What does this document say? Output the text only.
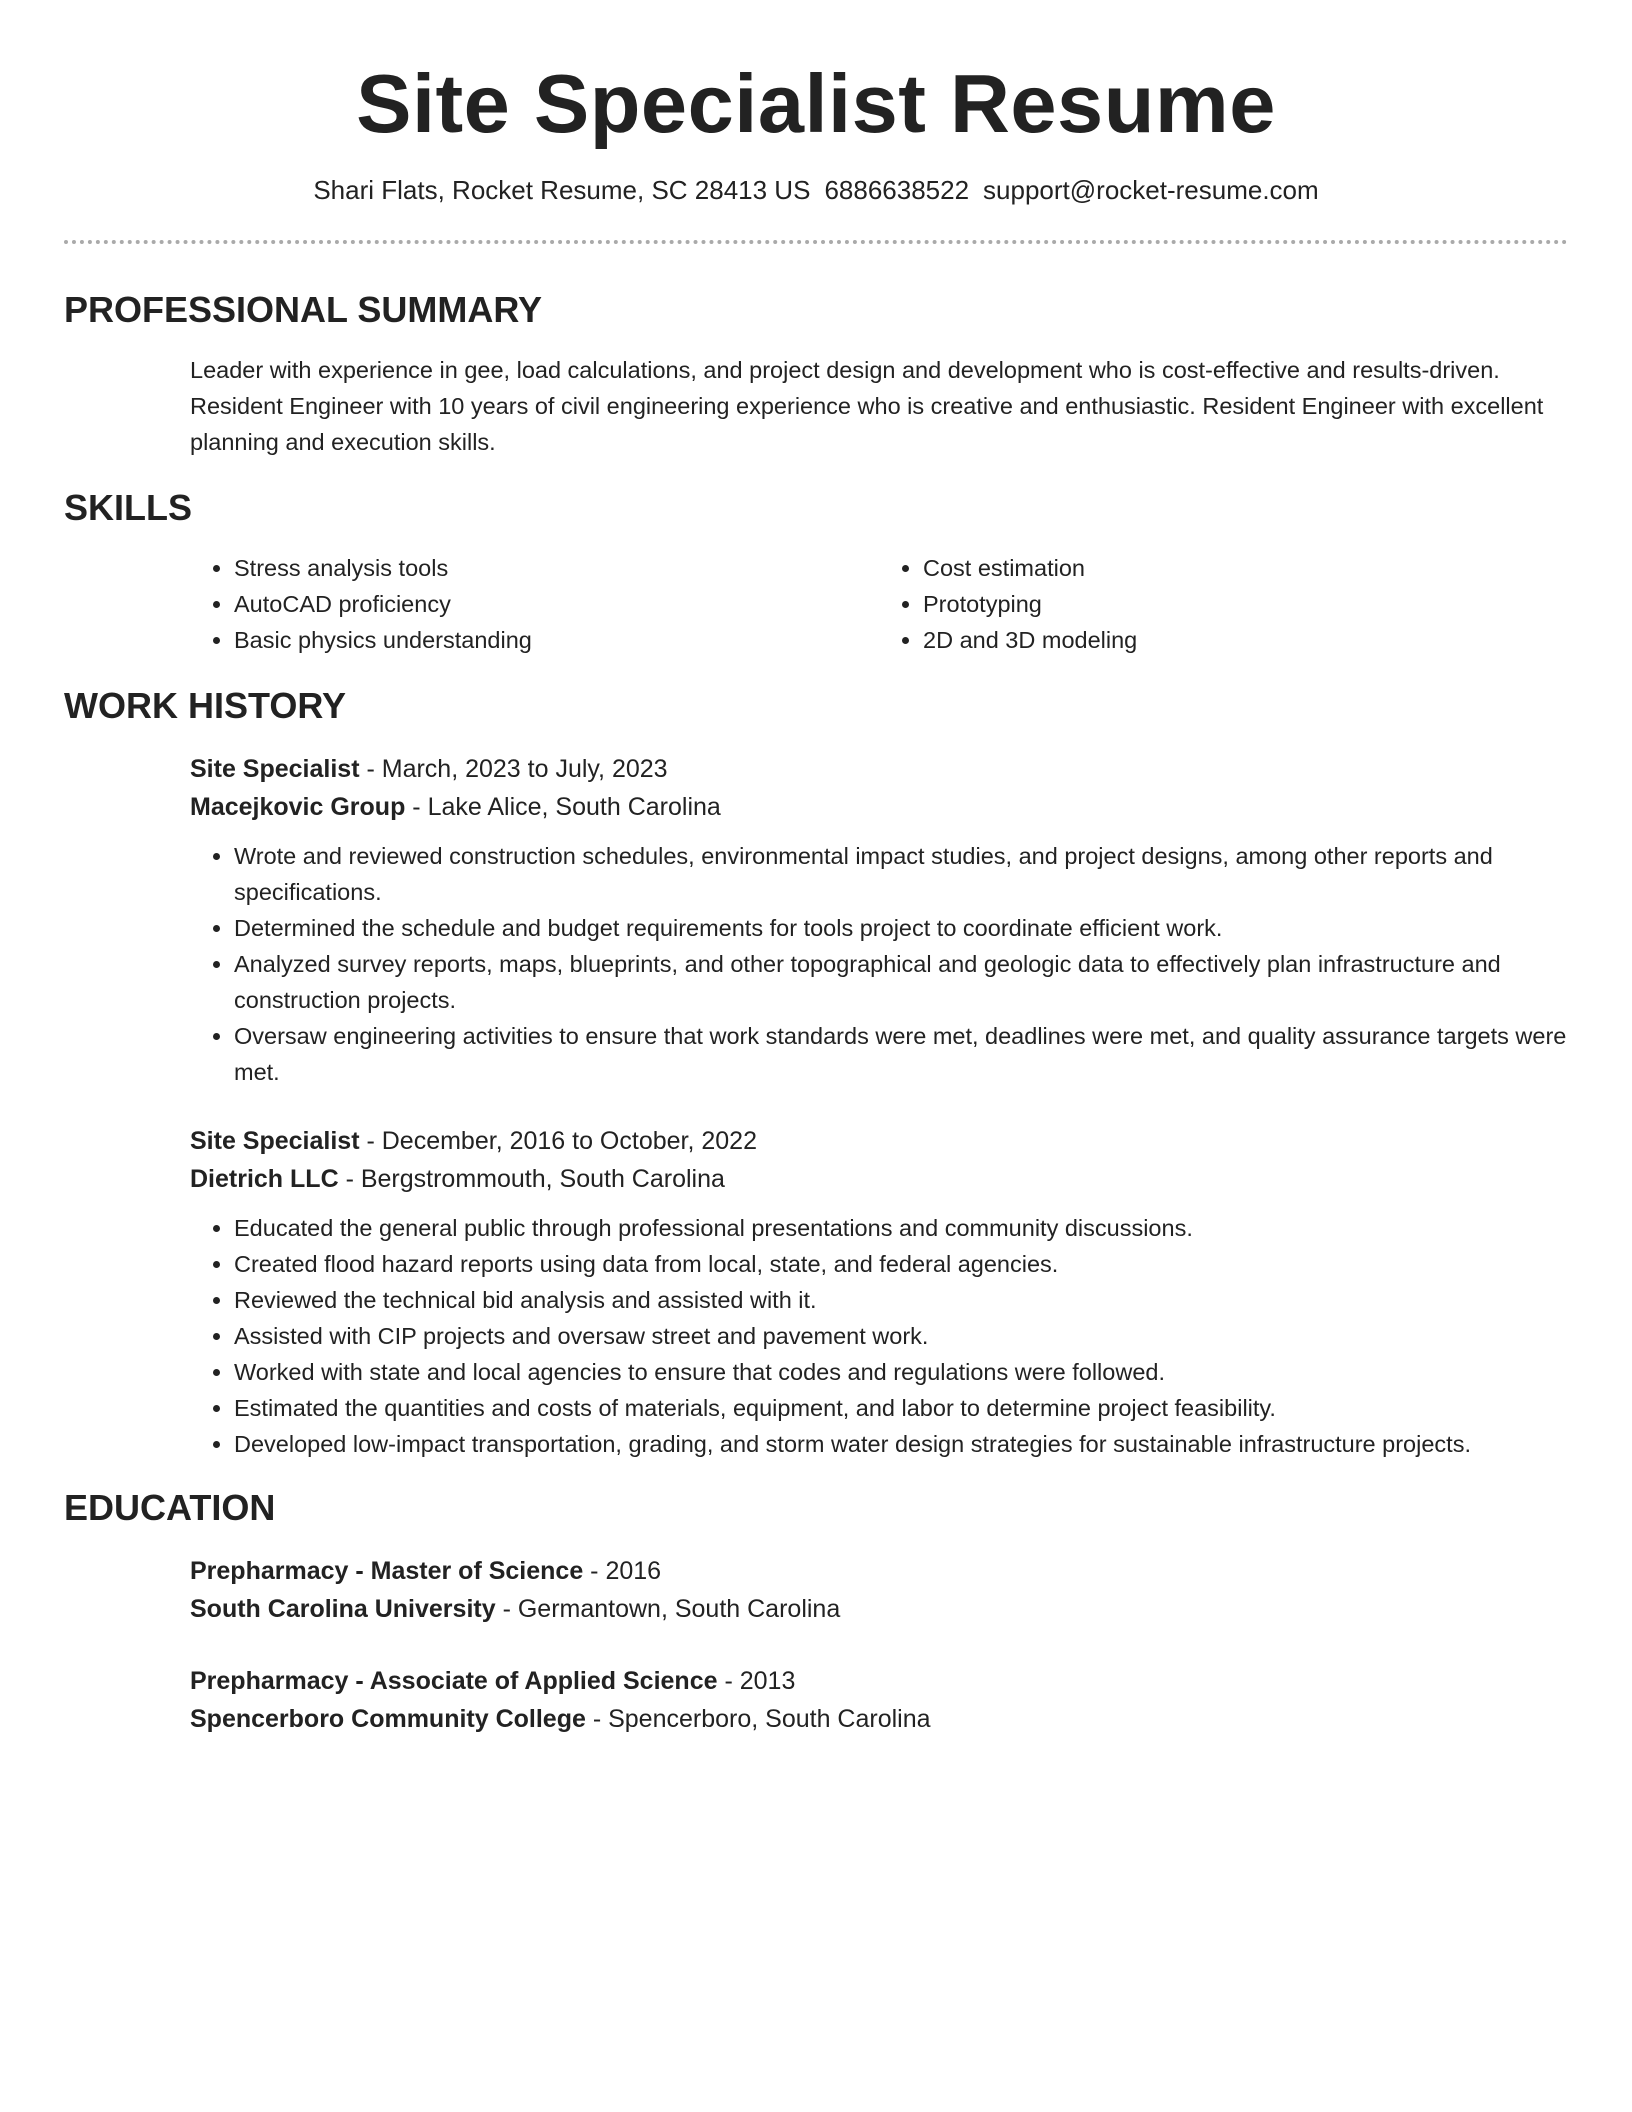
Site Specialist Resume
Shari Flats, Rocket Resume, SC 28413 US 6886638522 support@rocket-resume.com
PROFESSIONAL SUMMARY
Leader with experience in gee, load calculations, and project design and development who is cost-effective and results-driven. Resident Engineer with 10 years of civil engineering experience who is creative and enthusiastic. Resident Engineer with excellent planning and execution skills.
SKILLS
• Stress analysis tools
• AutoCAD proficiency
• Basic physics understanding
• Cost estimation
• Prototyping
• 2D and 3D modeling
WORK HISTORY
Site Specialist - March, 2023 to July, 2023
Macejkovic Group - Lake Alice, South Carolina
• Wrote and reviewed construction schedules, environmental impact studies, and project designs, among other reports and specifications.
• Determined the schedule and budget requirements for tools project to coordinate efficient work.
• Analyzed survey reports, maps, blueprints, and other topographical and geologic data to effectively plan infrastructure and construction projects.
• Oversaw engineering activities to ensure that work standards were met, deadlines were met, and quality assurance targets were met.
Site Specialist - December, 2016 to October, 2022
Dietrich LLC - Bergstrommouth, South Carolina
• Educated the general public through professional presentations and community discussions.
• Created flood hazard reports using data from local, state, and federal agencies.
• Reviewed the technical bid analysis and assisted with it.
• Assisted with CIP projects and oversaw street and pavement work.
• Worked with state and local agencies to ensure that codes and regulations were followed.
• Estimated the quantities and costs of materials, equipment, and labor to determine project feasibility.
• Developed low-impact transportation, grading, and storm water design strategies for sustainable infrastructure projects.
EDUCATION
Prepharmacy - Master of Science - 2016
South Carolina University - Germantown, South Carolina
Prepharmacy - Associate of Applied Science - 2013
Spencerboro Community College - Spencerboro, South Carolina
